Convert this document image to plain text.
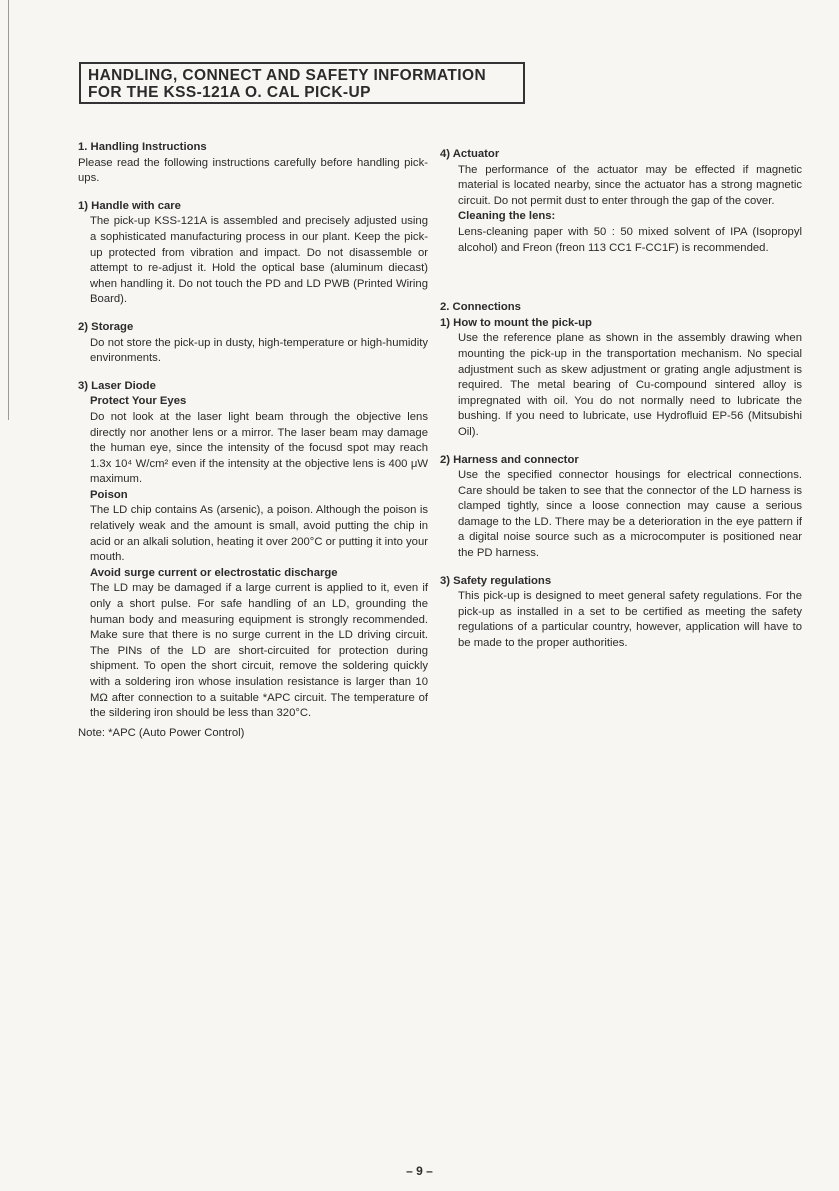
HANDLING, CONNECT AND SAFETY INFORMATION
FOR THE KSS-121A O. CAL PICK-UP
1. Handling Instructions

Please read the following instructions carefully before handling pick-ups.

1) Handle with care

The pick-up KSS-121A is assembled and precisely adjusted using a sophisticated manufacturing process in our plant. Keep the pick-up protected from vibration and impact. Do not disassemble or attempt to re-adjust it. Hold the optical base (aluminum diecast) when handling it. Do not touch the PD and LD PWB (Printed Wiring Board).

2) Storage

Do not store the pick-up in dusty, high-temperature or high-humidity environments.

3) Laser Diode
Protect Your Eyes

Do not look at the laser light beam through the objective lens directly nor another lens or a mirror. The laser beam may damage the human eye, since the intensity of the focusd spot may reach 1.3x 10⁴ W/cm² even if the intensity at the objective lens is 400 μW maximum.

Poison

The LD chip contains As (arsenic), a poison. Although the poison is relatively weak and the amount is small, avoid putting the chip in acid or an alkali solution, heating it over 200°C or putting it into your mouth.

Avoid surge current or electrostatic discharge

The LD may be damaged if a large current is applied to it, even if only a short pulse. For safe handling of an LD, grounding the human body and measuring equipment is strongly recommended. Make sure that there is no surge current in the LD driving circuit. The PINs of the LD are short-circuited for protection during shipment. To open the short circuit, remove the soldering quickly with a soldering iron whose insulation resistance is larger than 10 MΩ after connection to a suitable *APC circuit. The temperature of the sildering iron should be less than 320°C.

Note: *APC (Auto Power Control)
4) Actuator

The performance of the actuator may be effected if magnetic material is located nearby, since the actuator has a strong magnetic circuit. Do not permit dust to enter through the gap of the cover.

Cleaning the lens:

Lens-cleaning paper with 50 : 50 mixed solvent of IPA (Isopropyl alcohol) and Freon (freon 113 CC1 F-CC1F) is recommended.

2. Connections
1) How to mount the pick-up

Use the reference plane as shown in the assembly drawing when mounting the pick-up in the transportation mechanism. No special adjustment such as skew adjustment or grating angle adjustment is required. The metal bearing of Cu-compound sintered alloy is impregnated with oil. You do not normally need to lubricate the bushing. If you need to lubricate, use Hydrofluid EP-56 (Mitsubishi Oil).

2) Harness and connector

Use the specified connector housings for electrical connections. Care should be taken to see that the connector of the LD harness is clamped tightly, since a loose connection may cause a serious damage to the LD. There may be a deterioration in the eye pattern if a digital noise source such as a microcomputer is positioned near the PD harness.

3) Safety regulations

This pick-up is designed to meet general safety regulations. For the pick-up as installed in a set to be certified as meeting the safety regulations of a particular country, however, application will have to be made to the proper authorities.

– 9 –
